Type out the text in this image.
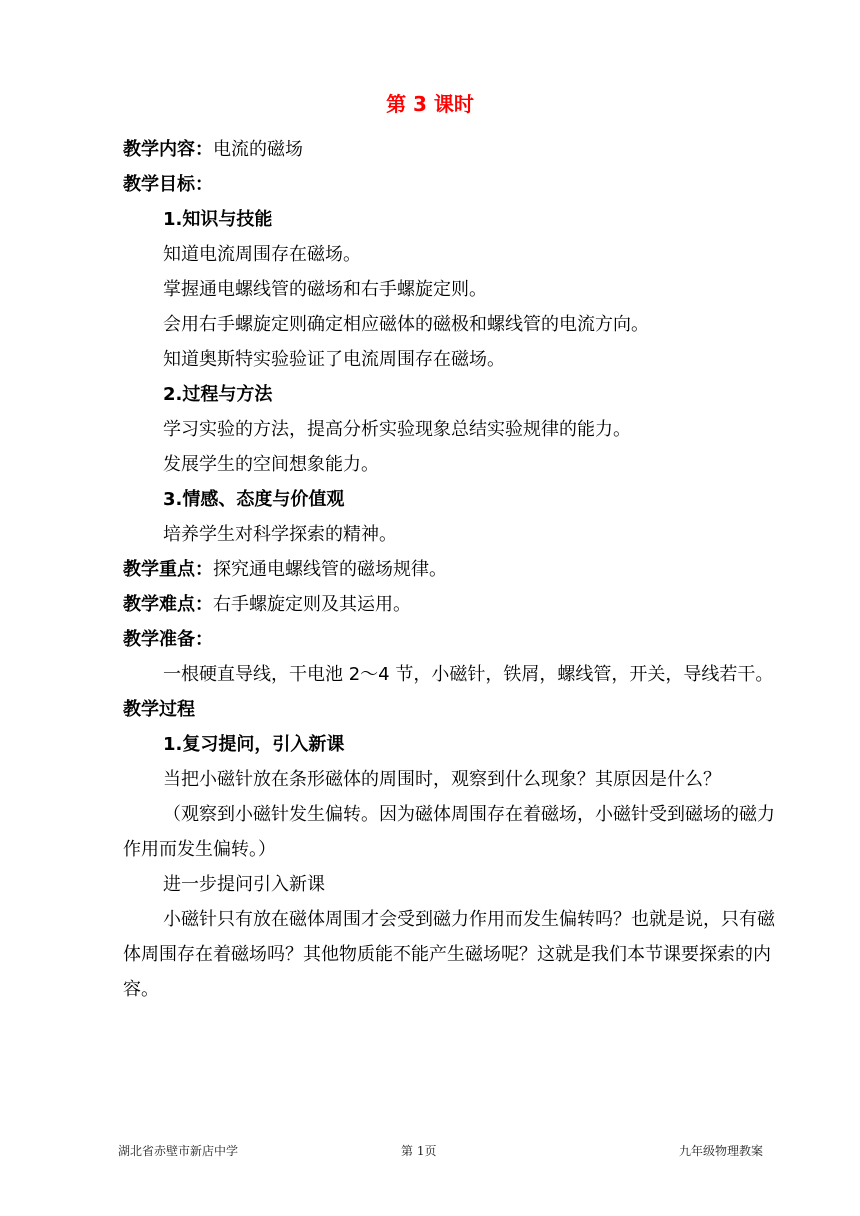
第 3 课时

教学内容：电流的磁场

教学目标：

1.知识与技能

知道电流周围存在磁场。

掌握通电螺线管的磁场和右手螺旋定则。

会用右手螺旋定则确定相应磁体的磁极和螺线管的电流方向。

知道奥斯特实验验证了电流周围存在磁场。

2.过程与方法

学习实验的方法，提高分析实验现象总结实验规律的能力。

发展学生的空间想象能力。

3.情感、态度与价值观

培养学生对科学探索的精神。

教学重点：探究通电螺线管的磁场规律。

教学难点：右手螺旋定则及其运用。

教学准备：

一根硬直导线，干电池 2～4 节，小磁针，铁屑，螺线管，开关，导线若干。

教学过程

1.复习提问，引入新课

当把小磁针放在条形磁体的周围时，观察到什么现象？其原因是什么？

（观察到小磁针发生偏转。因为磁体周围存在着磁场，小磁针受到磁场的磁力作用而发生偏转。）

进一步提问引入新课

小磁针只有放在磁体周围才会受到磁力作用而发生偏转吗？也就是说，只有磁体周围存在着磁场吗？其他物质能不能产生磁场呢？这就是我们本节课要探索的内容。

湖北省赤壁市新店中学	第 1页	九年级物理教案
